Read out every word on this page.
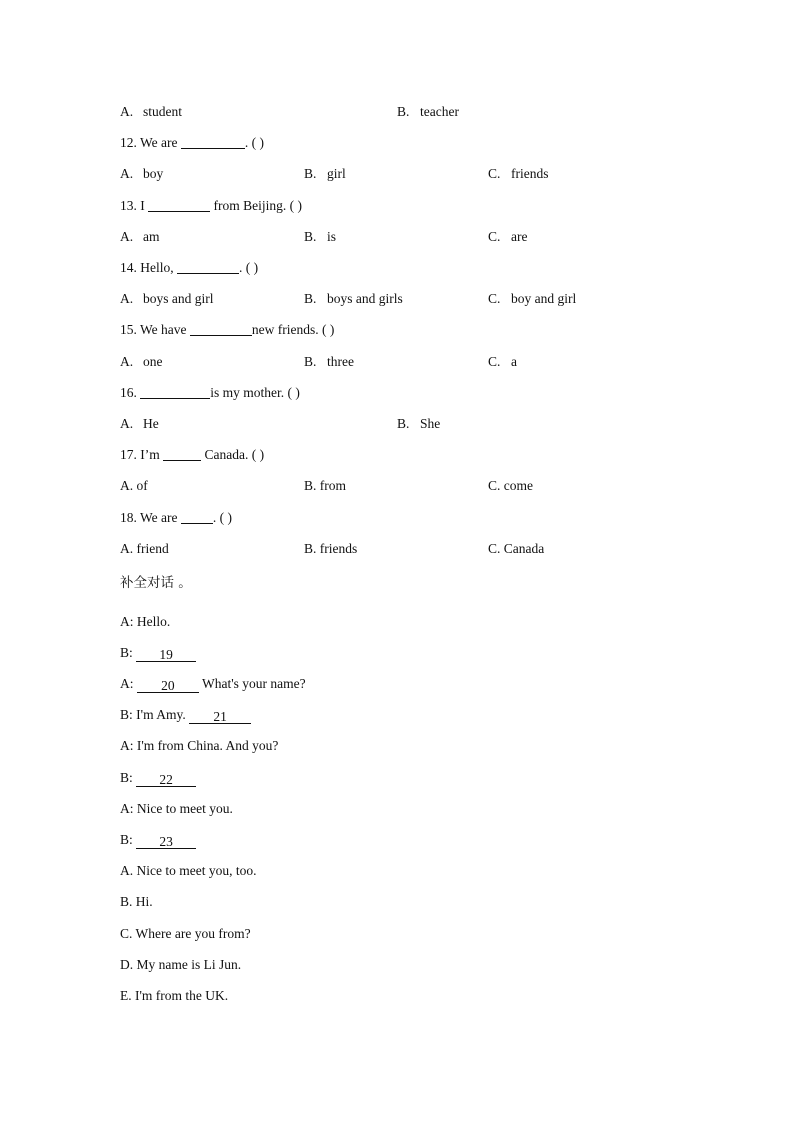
A. student	B. teacher
12. We are	. ( )
A. boy	B. girl	C. friends
13. I	from Beijing. ( )
A. am	B. is	C. are
14. Hello,	. ( )
A. boys and girl	B. boys and girls	C. boy and girl
15. We have	new friends. ( )
A. one	B. three	C. a
16.	is my mother. ( )
A. He	B. She
17. I’m	Canada. ( )
A. of	B. from	C. come
18. We are	. ( )
A. friend	B. friends	C. Canada
补全对话 。
A: Hello.
B: 19
A: 20 What's your name?
B: I'm Amy. 21
A: I'm from China. And you?
B: 22
A: Nice to meet you.
B: 23
A. Nice to meet you, too.
B. Hi.
C. Where are you from?
D. My name is Li Jun.
E. I'm from the UK.
